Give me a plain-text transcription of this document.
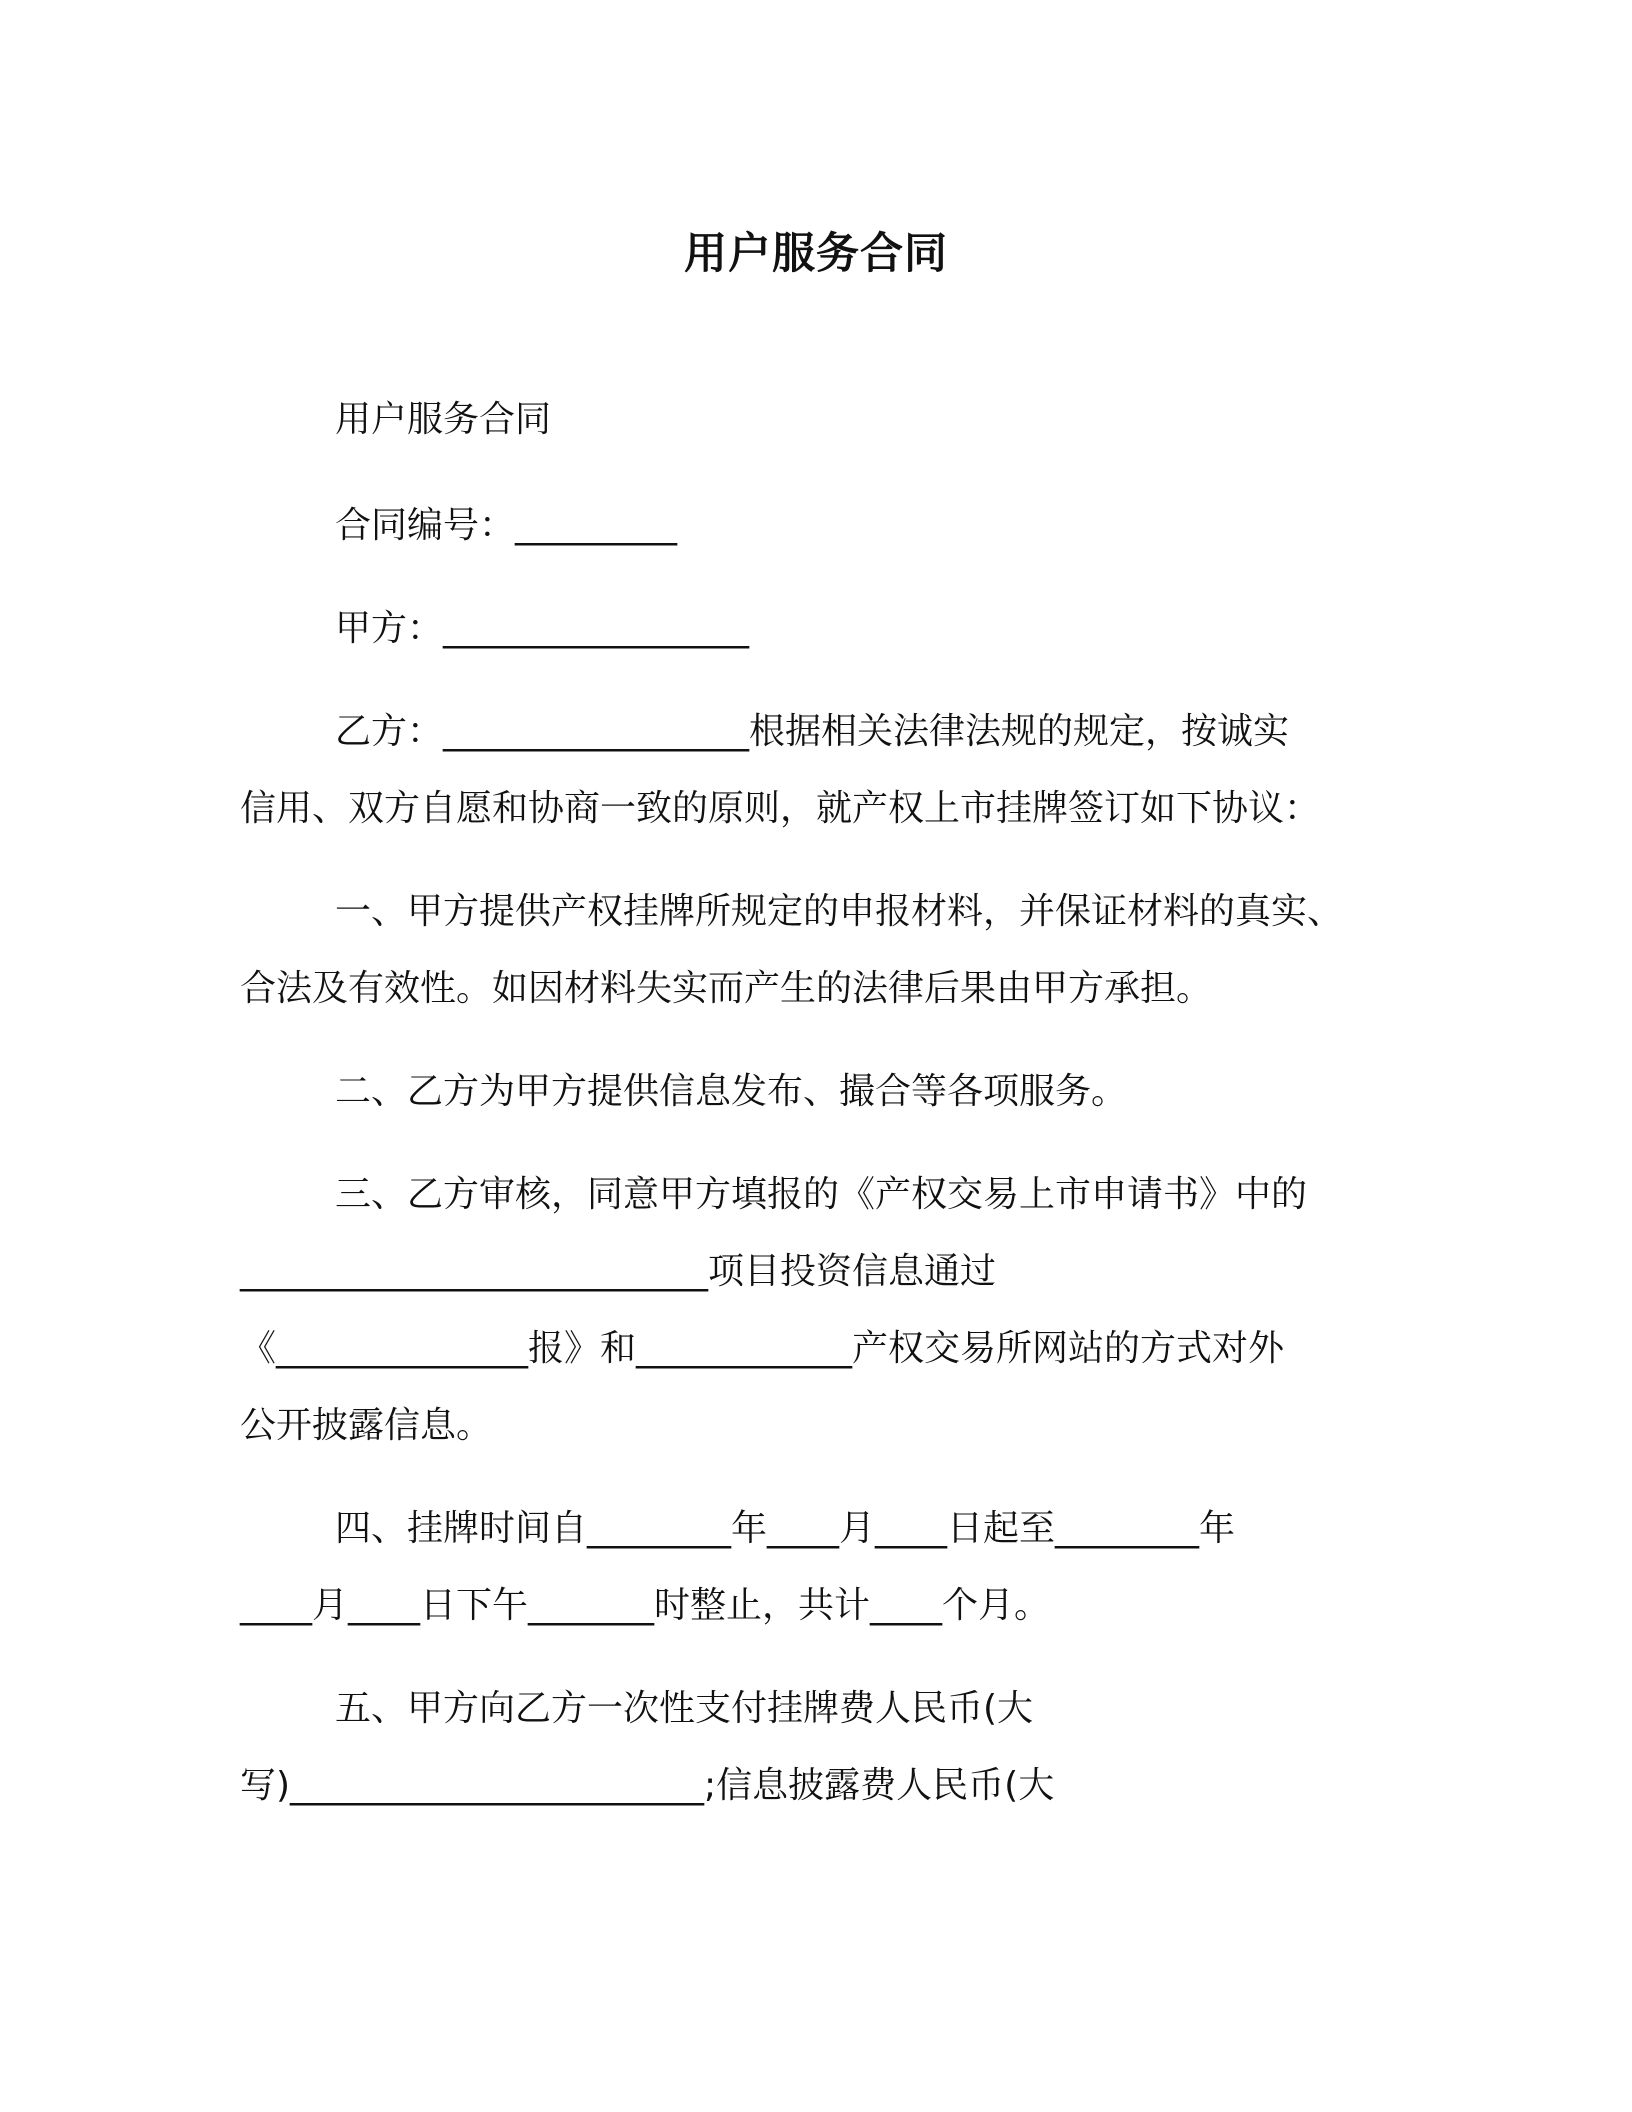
用户服务合同
用户服务合同
合同编号：_________
甲方：_________________
乙方：_________________根据相关法律法规的规定，按诚实
信用、双方自愿和协商一致的原则，就产权上市挂牌签订如下协议：
一、甲方提供产权挂牌所规定的申报材料，并保证材料的真实、
合法及有效性。如因材料失实而产生的法律后果由甲方承担。
二、乙方为甲方提供信息发布、撮合等各项服务。
三、乙方审核，同意甲方填报的《产权交易上市申请书》中的
__________________________项目投资信息通过
《______________报》和____________产权交易所网站的方式对外
公开披露信息。
四、挂牌时间自________年____月____日起至________年
____月____日下午_______时整止，共计____个月。
五、甲方向乙方一次性支付挂牌费人民币(大
写)_______________________;信息披露费人民币(大
